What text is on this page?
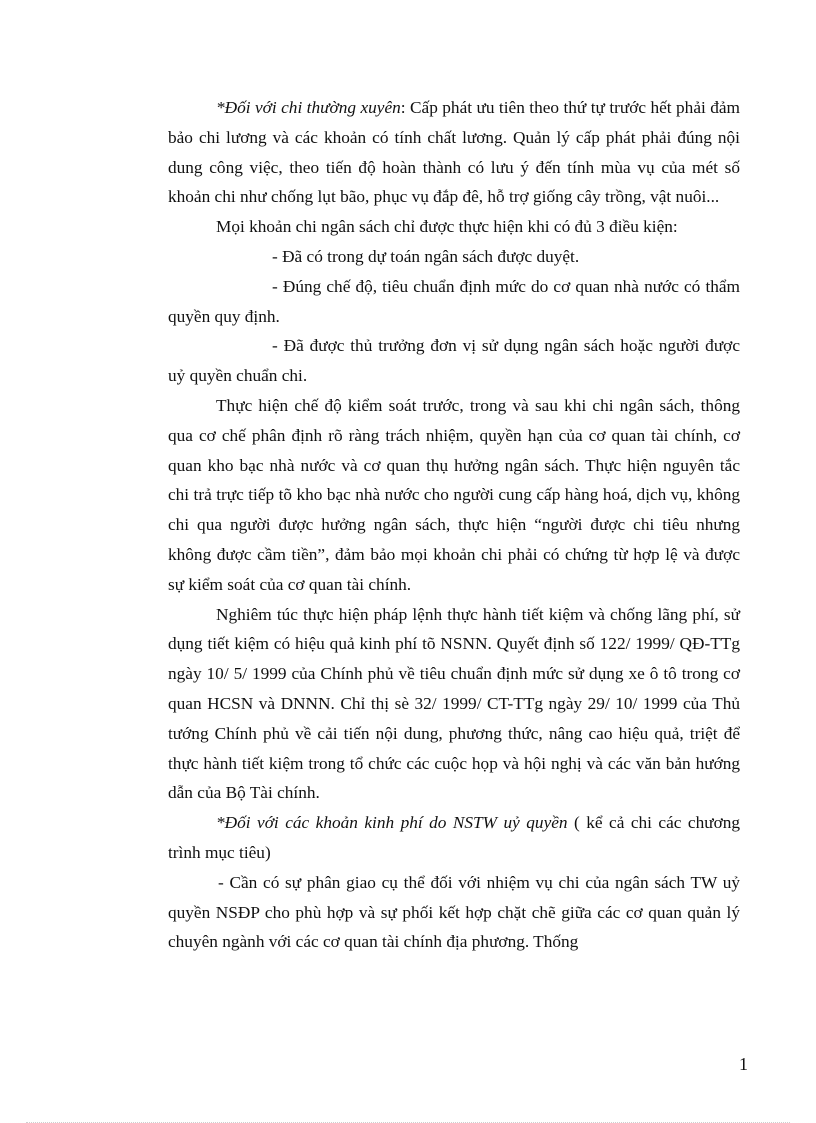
*Đối với chi thường xuyên: Cấp phát ưu tiên theo thứ tự trước hết phải đảm bảo chi lương và các khoản có tính chất lương. Quản lý cấp phát phải đúng nội dung công việc, theo tiến độ hoàn thành có lưu ý đến tính mùa vụ của mét số khoản chi như chống lụt bão, phục vụ đắp đê, hỗ trợ giống cây trồng, vật nuôi...

Mọi khoản chi ngân sách chỉ được thực hiện khi có đủ 3 điều kiện:

- Đã có trong dự toán ngân sách được duyệt.

- Đúng chế độ, tiêu chuẩn định mức do cơ quan nhà nước có thẩm quyền quy định.

- Đã được thủ trưởng đơn vị sử dụng ngân sách hoặc người được uỷ quyền chuẩn chi.

Thực hiện chế độ kiểm soát trước, trong và sau khi chi ngân sách, thông qua cơ chế phân định rõ ràng trách nhiệm, quyền hạn của cơ quan tài chính, cơ quan kho bạc nhà nước và cơ quan thụ hưởng ngân sách. Thực hiện nguyên tắc chi trả trực tiếp tõ kho bạc nhà nước cho người cung cấp hàng hoá, dịch vụ, không chi qua người được hưởng ngân sách, thực hiện “người được chi tiêu nhưng không được cầm tiền”, đảm bảo mọi khoản chi phải có chứng từ hợp lệ và được sự kiểm soát của cơ quan tài chính.

Nghiêm túc thực hiện pháp lệnh thực hành tiết kiệm và chống lãng phí, sử dụng tiết kiệm có hiệu quả kinh phí tõ NSNN. Quyết định số 122/ 1999/ QĐ-TTg ngày 10/ 5/ 1999 của Chính phủ về tiêu chuẩn định mức sử dụng xe ô tô trong cơ quan HCSN và DNNN. Chỉ thị sè 32/ 1999/ CT-TTg ngày 29/ 10/ 1999 của Thủ tướng Chính phủ về cải tiến nội dung, phương thức, nâng cao hiệu quả, triệt để thực hành tiết kiệm trong tổ chức các cuộc họp và hội nghị và các văn bản hướng dẫn của Bộ Tài chính.

*Đối với các khoản kinh phí do NSTW uỷ quyền ( kể cả chi các chương trình mục tiêu)

- Cần có sự phân giao cụ thể đối với nhiệm vụ chi của ngân sách TW uỷ quyền NSĐP cho phù hợp và sự phối kết hợp chặt chẽ giữa các cơ quan quản lý chuyên ngành với các cơ quan tài chính địa phương. Thống

1
